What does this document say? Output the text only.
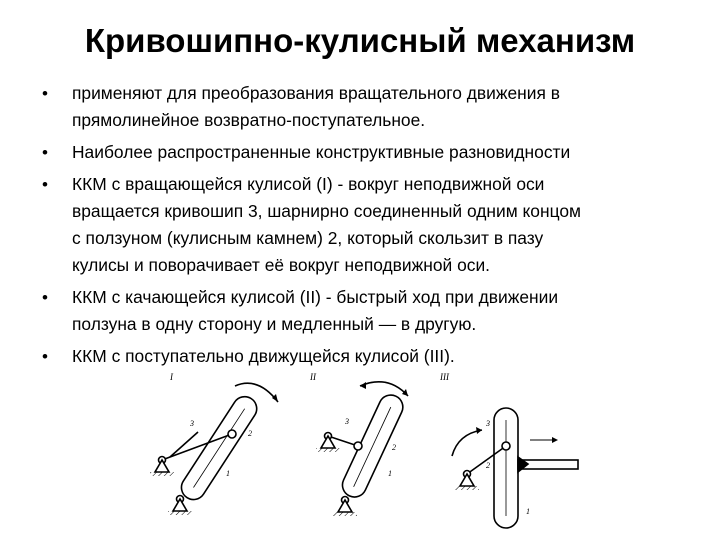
Кривошипно-кулисный механизм
• применяют для преобразования вращательного движения в
прямолинейное возвратно-поступательное.
• Наиболее распространенные конструктивные разновидности
• ККМ с вращающейся кулисой (I) - вокруг неподвижной оси
вращается кривошип 3, шарнирно соединенный одним концом
с ползуном (кулисным камнем) 2, который скользит в пазу
кулисы и поворачивает её вокруг неподвижной оси.
• ККМ с качающейся кулисой (II) - быстрый ход при движении
ползуна в одну сторону и медленный — в другую.
• ККМ с поступательно движущейся кулисой (III).
I
3
2
1
II
3
2
1
III
3
2
1
